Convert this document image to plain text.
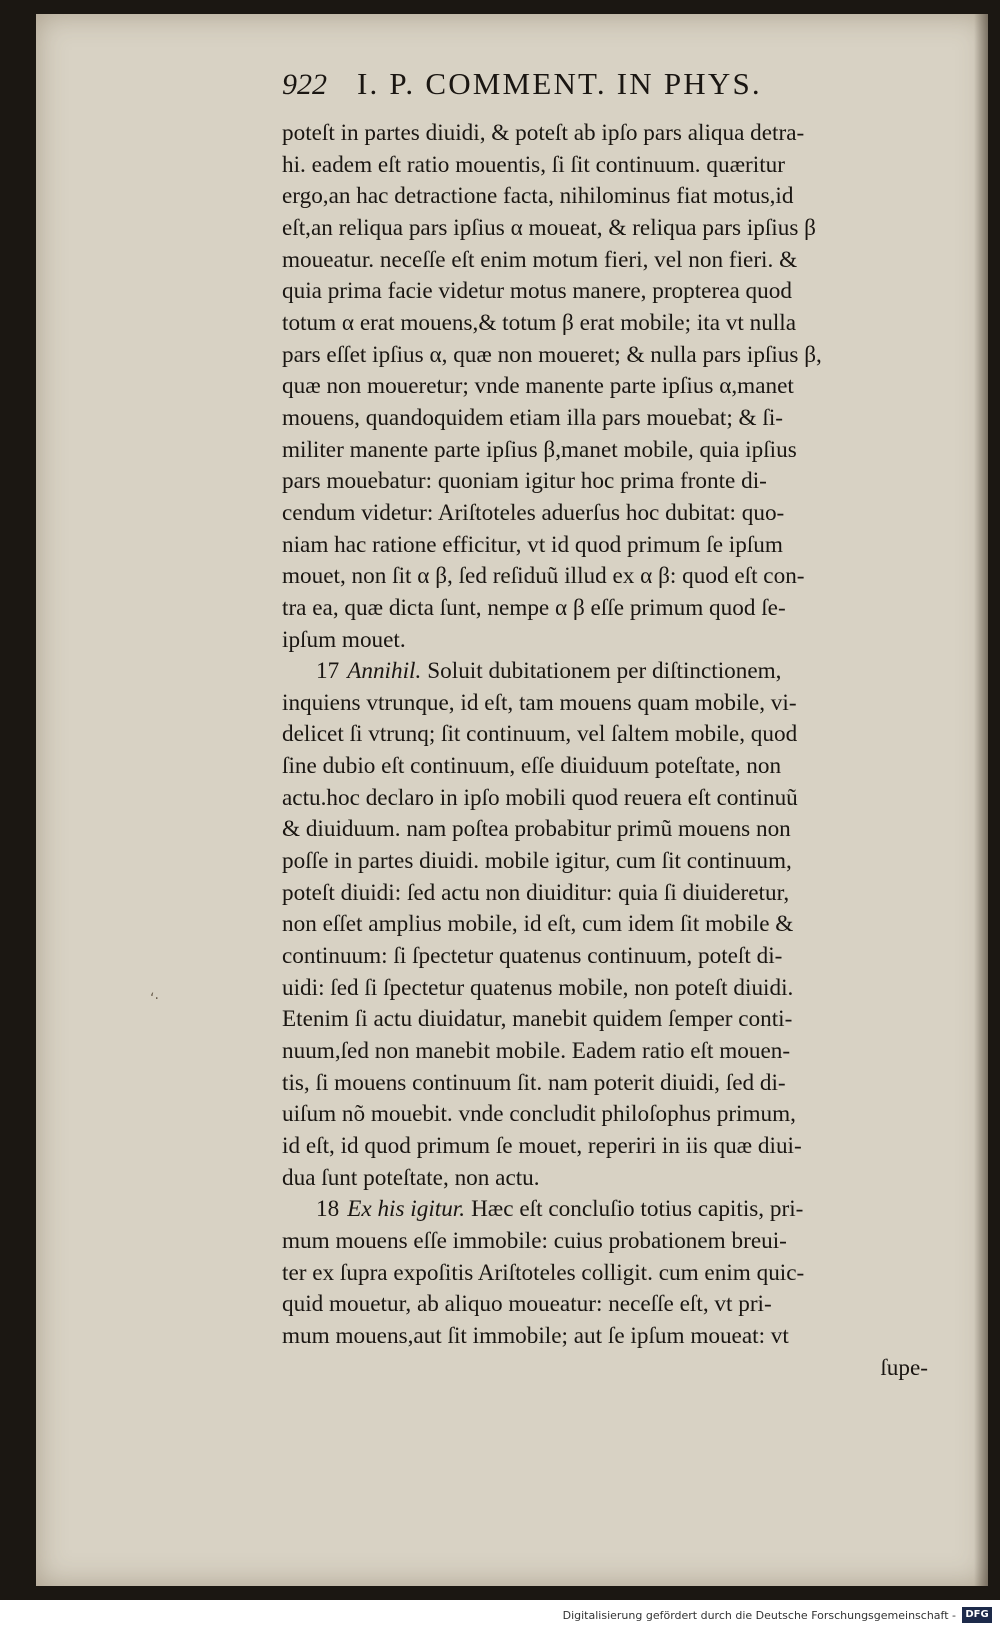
922 I. P. COMMENT. IN PHYS.
‘·
poteſt in partes diuidi, & poteſt ab ipſo pars aliqua detra-
hi. eadem eſt ratio mouentis, ſi ſit continuum. quæritur
ergo,an hac detractione facta, nihilominus fiat motus,id
eſt,an reliqua pars ipſius α moueat, & reliqua pars ipſius β
moueatur. neceſſe eſt enim motum fieri, vel non fieri. &
quia prima facie videtur motus manere, propterea quod
totum α erat mouens,& totum β erat mobile; ita vt nulla
pars eſſet ipſius α, quæ non moueret; & nulla pars ipſius β,
quæ non moueretur; vnde manente parte ipſius α,manet
mouens, quandoquidem etiam illa pars mouebat; & ſi-
militer manente parte ipſius β,manet mobile, quia ipſius
pars mouebatur: quoniam igitur hoc prima fronte di-
cendum videtur: Ariſtoteles aduerſus hoc dubitat: quo-
niam hac ratione efficitur, vt id quod primum ſe ipſum
mouet, non ſit α β, ſed reſiduũ illud ex α β: quod eſt con-
tra ea, quæ dicta ſunt, nempe α β eſſe primum quod ſe-
ipſum mouet.
17 Annihil. Soluit dubitationem per diſtinctionem,
inquiens vtrunque, id eſt, tam mouens quam mobile, vi-
delicet ſi vtrunq; ſit continuum, vel ſaltem mobile, quod
ſine dubio eſt continuum, eſſe diuiduum poteſtate, non
actu.hoc declaro in ipſo mobili quod reuera eſt continuũ
& diuiduum. nam poſtea probabitur primũ mouens non
poſſe in partes diuidi. mobile igitur, cum ſit continuum,
poteſt diuidi: ſed actu non diuiditur: quia ſi diuideretur,
non eſſet amplius mobile, id eſt, cum idem ſit mobile &
continuum: ſi ſpectetur quatenus continuum, poteſt di-
uidi: ſed ſi ſpectetur quatenus mobile, non poteſt diuidi.
Etenim ſi actu diuidatur, manebit quidem ſemper conti-
nuum,ſed non manebit mobile. Eadem ratio eſt mouen-
tis, ſi mouens continuum ſit. nam poterit diuidi, ſed di-
uiſum nõ mouebit. vnde concludit philoſophus primum,
id eſt, id quod primum ſe mouet, reperiri in iis quæ diui-
dua ſunt poteſtate, non actu.
18 Ex his igitur. Hæc eſt concluſio totius capitis, pri-
mum mouens eſſe immobile: cuius probationem breui-
ter ex ſupra expoſitis Ariſtoteles colligit. cum enim quic-
quid mouetur, ab aliquo moueatur: neceſſe eſt, vt pri-
mum mouens,aut ſit immobile; aut ſe ipſum moueat: vt
ſupe-
Digitalisierung gefördert durch die Deutsche Forschungsgemeinschaft - DFG
